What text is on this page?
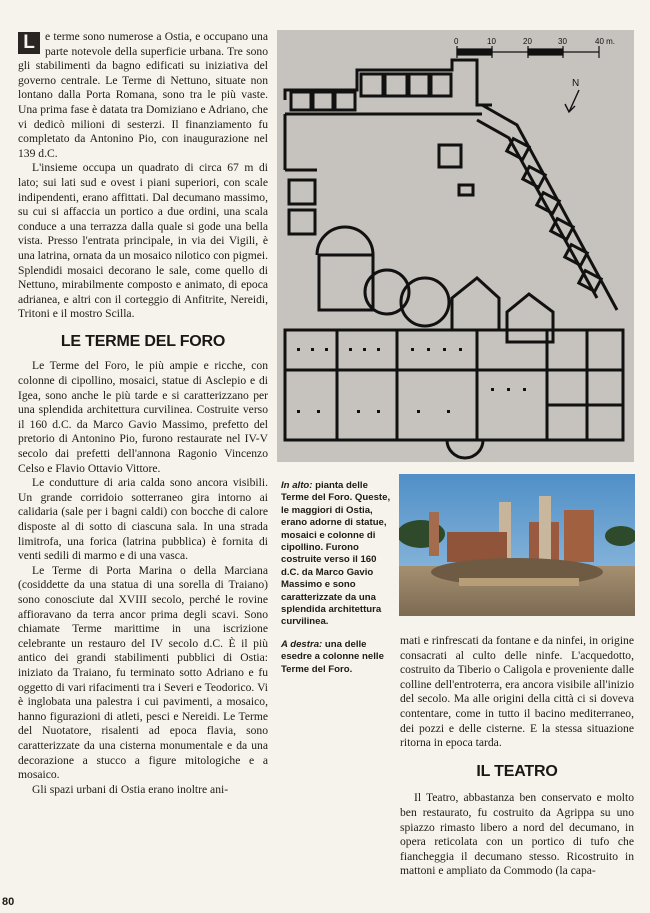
L e terme sono numerose a Ostia, e occupano una parte notevole della superficie urbana. Tre sono gli stabilimenti da bagno edificati su iniziativa del governo centrale. Le Terme di Nettuno, situate non lontano dalla Porta Romana, sono tra le più vaste. Una prima fase è datata tra Domiziano e Adriano, che vi dedicò milioni di sesterzi. Il finanziamento fu completato da Antonino Pio, con inaugurazione nel 139 d.C.

L'insieme occupa un quadrato di circa 67 m di lato; sui lati sud e ovest i piani superiori, con scale indipendenti, erano affittati. Dal decumano massimo, su cui si affaccia un portico a due ordini, una scala conduce a una terrazza dalla quale si gode una bella vista. Presso l'entrata principale, in via dei Vigili, è una latrina, ornata da un mosaico nilotico con pigmei. Splendidi mosaici decorano le sale, come quello di Nettuno, mirabilmente composto e animato, di epoca adrianea, e altri con il corteggio di Anfitrite, Nereidi, Tritoni e il mostro Scilla.

LE TERME DEL FORO

Le Terme del Foro, le più ampie e ricche, con colonne di cipollino, mosaici, statue di Asclepio e di Igea, sono anche le più tarde e si caratterizzano per una splendida architettura curvilinea. Costruite verso il 160 d.C. da Marco Gavio Massimo, prefetto del pretorio di Antonino Pio, furono restaurate nel IV-V secolo dai prefetti dell'annona Ragonio Vincenzo Celso e Flavio Ottavio Vittore.

Le condutture di aria calda sono ancora visibili. Un grande corridoio sotterraneo gira intorno ai calidaria (sale per i bagni caldi) con bocche di calore disposte al di sotto di ciascuna sala. In una strada limitrofa, una forica (latrina pubblica) è fornita di venti sedili di marmo e di una vasca.

Le Terme di Porta Marina o della Marciana (cosiddette da una statua di una sorella di Traiano) sono conosciute dal XVIII secolo, perché le rovine affioravano da terra ancor prima degli scavi. Sono chiamate Terme marittime in una iscrizione celebrante un restauro del IV secolo d.C. È il più antico dei grandi stabilimenti pubblici di Ostia: iniziato da Traiano, fu terminato sotto Adriano e fu oggetto di vari rifacimenti tra i Severi e Teodorico. Vi è inglobata una palestra i cui pavimenti, a mosaico, hanno figurazioni di atleti, pesci e Nereidi. Le Terme del Nuotatore, risalenti ad epoca flavia, sono caratterizzate da una cisterna monumentale e da una decorazione a stucco a figure mitologiche e a mosaico.

Gli spazi urbani di Ostia erano inoltre ani-

0	10	20	30	40 m.
N

In alto: pianta delle Terme del Foro. Queste, le maggiori di Ostia, erano adorne di statue, mosaici e colonne di cipollino. Furono costruite verso il 160 d.C. da Marco Gavio Massimo e sono caratterizzate da una splendida architettura curvilinea.

A destra: una delle esedre a colonne nelle Terme del Foro.

mati e rinfrescati da fontane e da ninfei, in origine consacrati al culto delle ninfe. L'acquedotto, costruito da Tiberio o Caligola e proveniente dalle colline dell'entroterra, era ancora visibile all'inizio del secolo. Ma alle origini della città ci si doveva contentare, come in tutto il bacino mediterraneo, dei pozzi e delle cisterne. E la stessa situazione ritorna in epoca tarda.

IL TEATRO

Il Teatro, abbastanza ben conservato e molto ben restaurato, fu costruito da Agrippa su uno spiazzo rimasto libero a nord del decumano, in opera reticolata con un portico di tufo che fiancheggia il decumano stesso. Ricostruito in mattoni e ampliato da Commodo (la capa-

80
